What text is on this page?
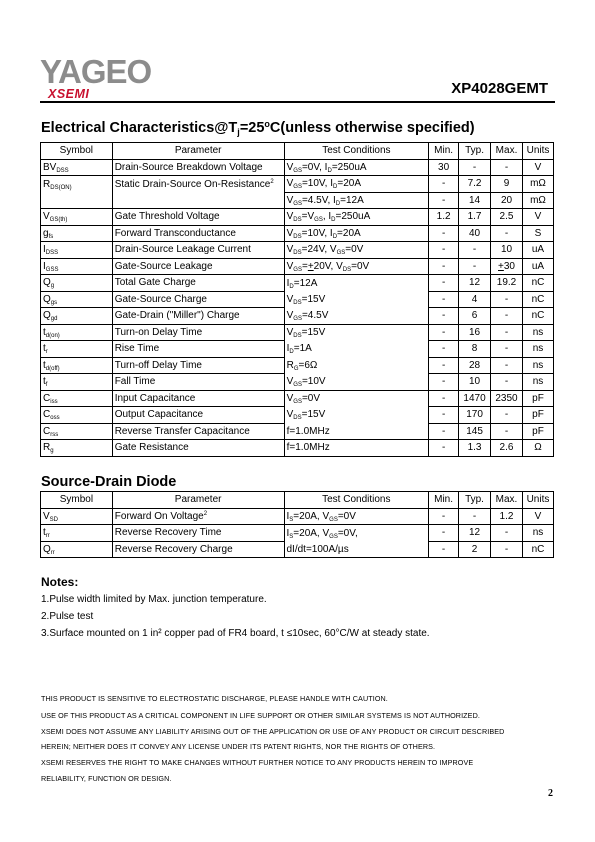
YAGEO
XSEMI	XP4028GEMT
Electrical $Characteristics@T_j=25^oC(unless$ otherwise specified)
Symbol	Parameter	Test Conditions	Min.	Typ.	Max.	Units
$BV_{DSS}$	Drain-Source Breakdown Voltage	$V_{GS}=0V$, $I_D=250uA$	30	-	-	V
$R_{DS(ON)}$	Static Drain-Source On-Resistance$^2$	$V_{GS}=10V$, $I_D=20A$	-	7.2	9	mΩ
		$V_{GS}=4.5V$, $I_D=12A$	-	14	20	mΩ
$V_{GS(th)}$	Gate Threshold Voltage	$V_{DS}=V_{GS}$, $I_D=250uA$	1.2	1.7	2.5	V
$g_{fs}$	Forward Transconductance	$V_{DS}=10V$, $I_D=20A$	-	40	-	S
$I_{DSS}$	Drain-Source Leakage Current	$V_{DS}=24V$, $V_{GS}=0V$	-	-	10	uA
$I_{GSS}$	Gate-Source Leakage	$V_{GS}=+20V$, $V_{DS}=0V$	-	-	+30	uA
$Q_g$	Total Gate Charge	$I_D=12A$	-	12	19.2	nC
$Q_{gs}$	Gate-Source Charge	$V_{DS}=15V$	-	4	-	nC
$Q_{gd}$	Gate-Drain ("Miller") Charge	$V_{GS}=4.5V$	-	6	-	nC
$t_{d(on)}$	Turn-on Delay Time	$V_{DS}=15V$	-	16	-	ns
$t_r$	Rise Time	$I_D=1A$	-	8	-	ns
$t_{d(off)}$	Turn-off Delay Time	$R_G=6\Omega$	-	28	-	ns
$t_f$	Fall Time	$V_{GS}=10V$	-	10	-	ns
$C_{iss}$	Input Capacitance	$V_{GS}=0V$	-	1470	2350	pF
$C_{oss}$	Output Capacitance	$V_{DS}=15V$	-	170	-	pF
$C_{rss}$	Reverse Transfer Capacitance	f=1.0MHz	-	145	-	pF
$R_g$	Gate Resistance	f=1.0MHz	-	1.3	2.6	Ω
Source-Drain Diode
Symbol	Parameter	Test Conditions	Min.	Typ.	Max.	Units
$V_{SD}$	Forward On Voltage$^2$	$I_S=20A$, $V_{GS}=0V$	-	-	1.2	V
$t_{rr}$	Reverse Recovery Time	$I_S=20A$, $V_{GS}=0V$,	-	12	-	ns
$Q_{rr}$	Reverse Recovery Charge	dI/dt=100A/µs	-	2	-	nC
Notes:
1.Pulse width limited by Max. junction temperature.
2.Pulse test
3.Surface mounted on 1 in² copper pad of FR4 board, t ≤10sec, 60°C/W at steady state.
THIS PRODUCT IS SENSITIVE TO ELECTROSTATIC DISCHARGE, PLEASE HANDLE WITH CAUTION.
USE OF THIS PRODUCT AS A CRITICAL COMPONENT IN LIFE SUPPORT OR OTHER SIMILAR SYSTEMS IS NOT AUTHORIZED.
XSEMI DOES NOT ASSUME ANY LIABILITY ARISING OUT OF THE APPLICATION OR USE OF ANY PRODUCT OR CIRCUIT DESCRIBED
HEREIN; NEITHER DOES IT CONVEY ANY LICENSE UNDER ITS PATENT RIGHTS, NOR THE RIGHTS OF OTHERS.
XSEMI RESERVES THE RIGHT TO MAKE CHANGES WITHOUT FURTHER NOTICE TO ANY PRODUCTS HEREIN TO IMPROVE
RELIABILITY, FUNCTION OR DESIGN.
2
